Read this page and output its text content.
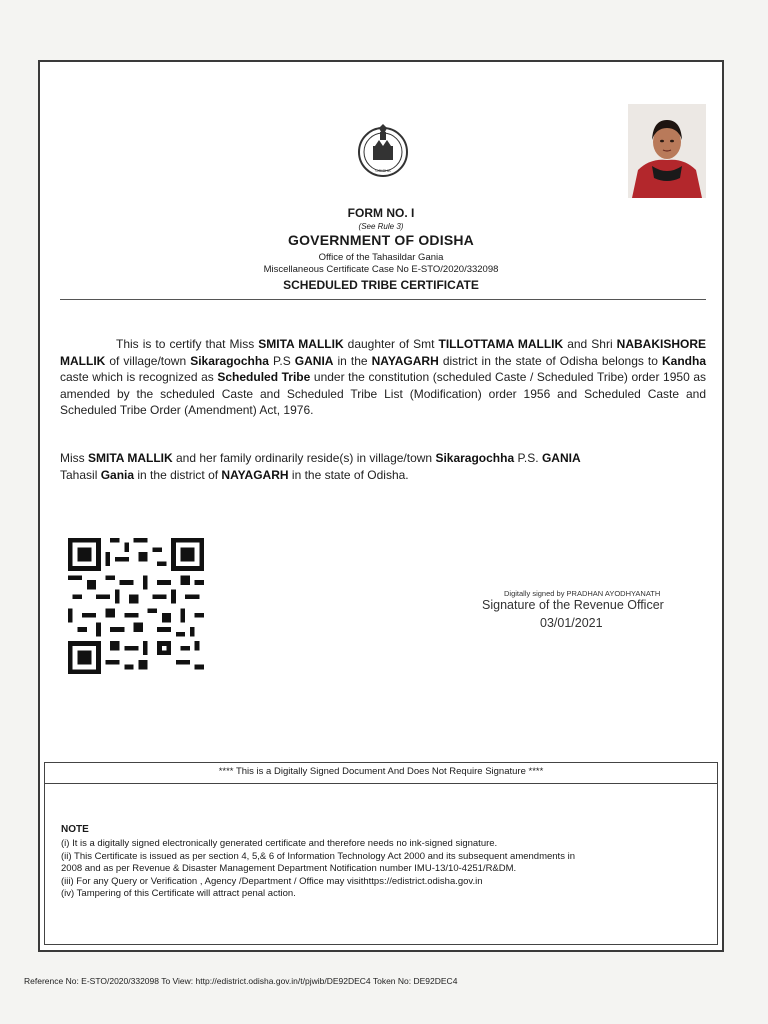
ODISHA
FORM NO. I
(See Rule 3)
GOVERNMENT OF ODISHA
Office of the Tahasildar Gania
Miscellaneous Certificate Case No E-STO/2020/332098
SCHEDULED TRIBE CERTIFICATE
This is to certify that Miss SMITA MALLIK daughter of Smt TILLOTTAMA MALLIK and Shri NABAKISHORE MALLIK of village/town Sikaragochha P.S GANIA in the NAYAGARH district in the state of Odisha belongs to Kandha caste which is recognized as Scheduled Tribe under the constitution (scheduled Caste / Scheduled Tribe) order 1950 as amended by the scheduled Caste and Scheduled Tribe List (Modification) order 1956 and Scheduled Caste and Scheduled Tribe Order (Amendment) Act, 1976.
Miss SMITA MALLIK and her family ordinarily reside(s) in village/town Sikaragochha P.S. GANIA
Tahasil Gania in the district of NAYAGARH in the state of Odisha.
Digitally signed by PRADHAN AYODHYANATH
Signature of the Revenue Officer
03/01/2021
**** This is a Digitally Signed Document And Does Not Require Signature ****
NOTE
(i) It is a digitally signed electronically generated certificate and therefore needs no ink-signed signature.
(ii) This Certificate is issued as per section 4, 5,& 6 of Information Technology Act 2000 and its subsequent amendments in
2008 and as per Revenue & Disaster Management Department Notification number IMU-13/10-4251/R&DM.
(iii) For any Query or Verification , Agency /Department / Office may visithttps://edistrict.odisha.gov.in
(iv) Tampering of this Certificate will attract penal action.
Reference No: E-STO/2020/332098 To View: http://edistrict.odisha.gov.in/t/pjwib/DE92DEC4 Token No: DE92DEC4
